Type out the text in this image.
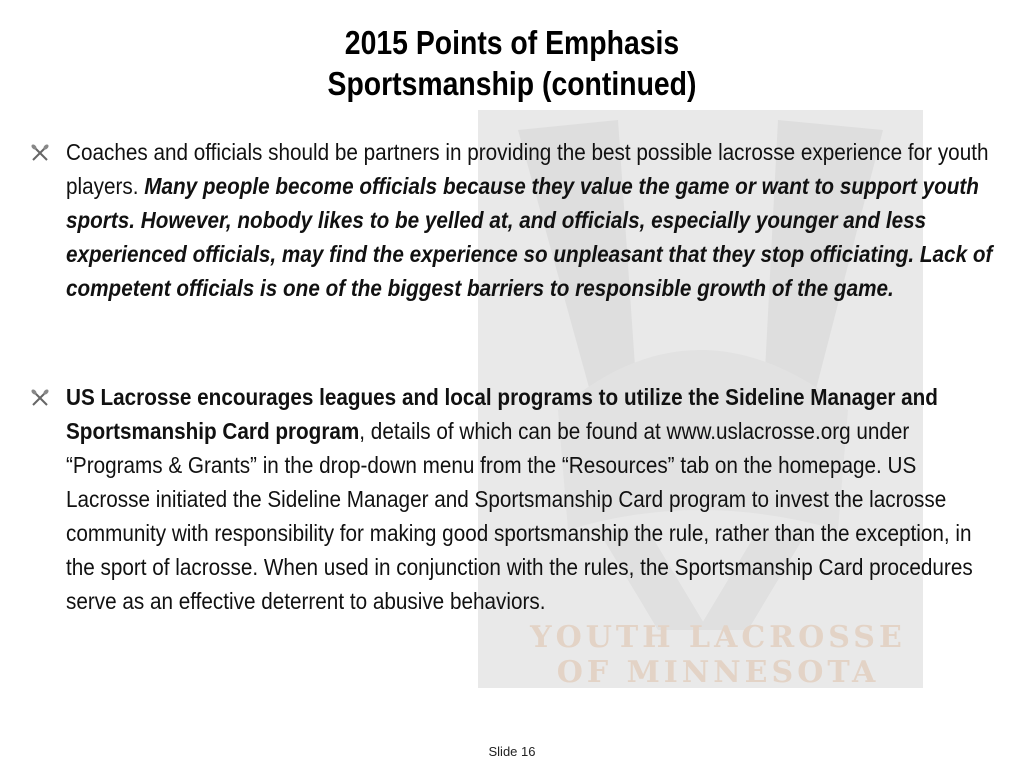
YOUTH LACROSSE
OF MINNESOTA
2015 Points of Emphasis
Sportsmanship (continued)
Coaches and officials should be partners in providing the best possible lacrosse experience for youth players. Many people become officials because they value the game or want to support youth sports. However, nobody likes to be yelled at, and officials, especially younger and less experienced officials, may find the experience so unpleasant that they stop officiating. Lack of competent officials is one of the biggest barriers to responsible growth of the game.
US Lacrosse encourages leagues and local programs to utilize the Sideline Manager and Sportsmanship Card program, details of which can be found at www.uslacrosse.org under “Programs & Grants” in the drop-down menu from the “Resources” tab on the homepage. US Lacrosse initiated the Sideline Manager and Sportsmanship Card program to invest the lacrosse community with responsibility for making good sportsmanship the rule, rather than the exception, in the sport of lacrosse. When used in conjunction with the rules, the Sportsmanship Card procedures serve as an effective deterrent to abusive behaviors.
Slide 16
